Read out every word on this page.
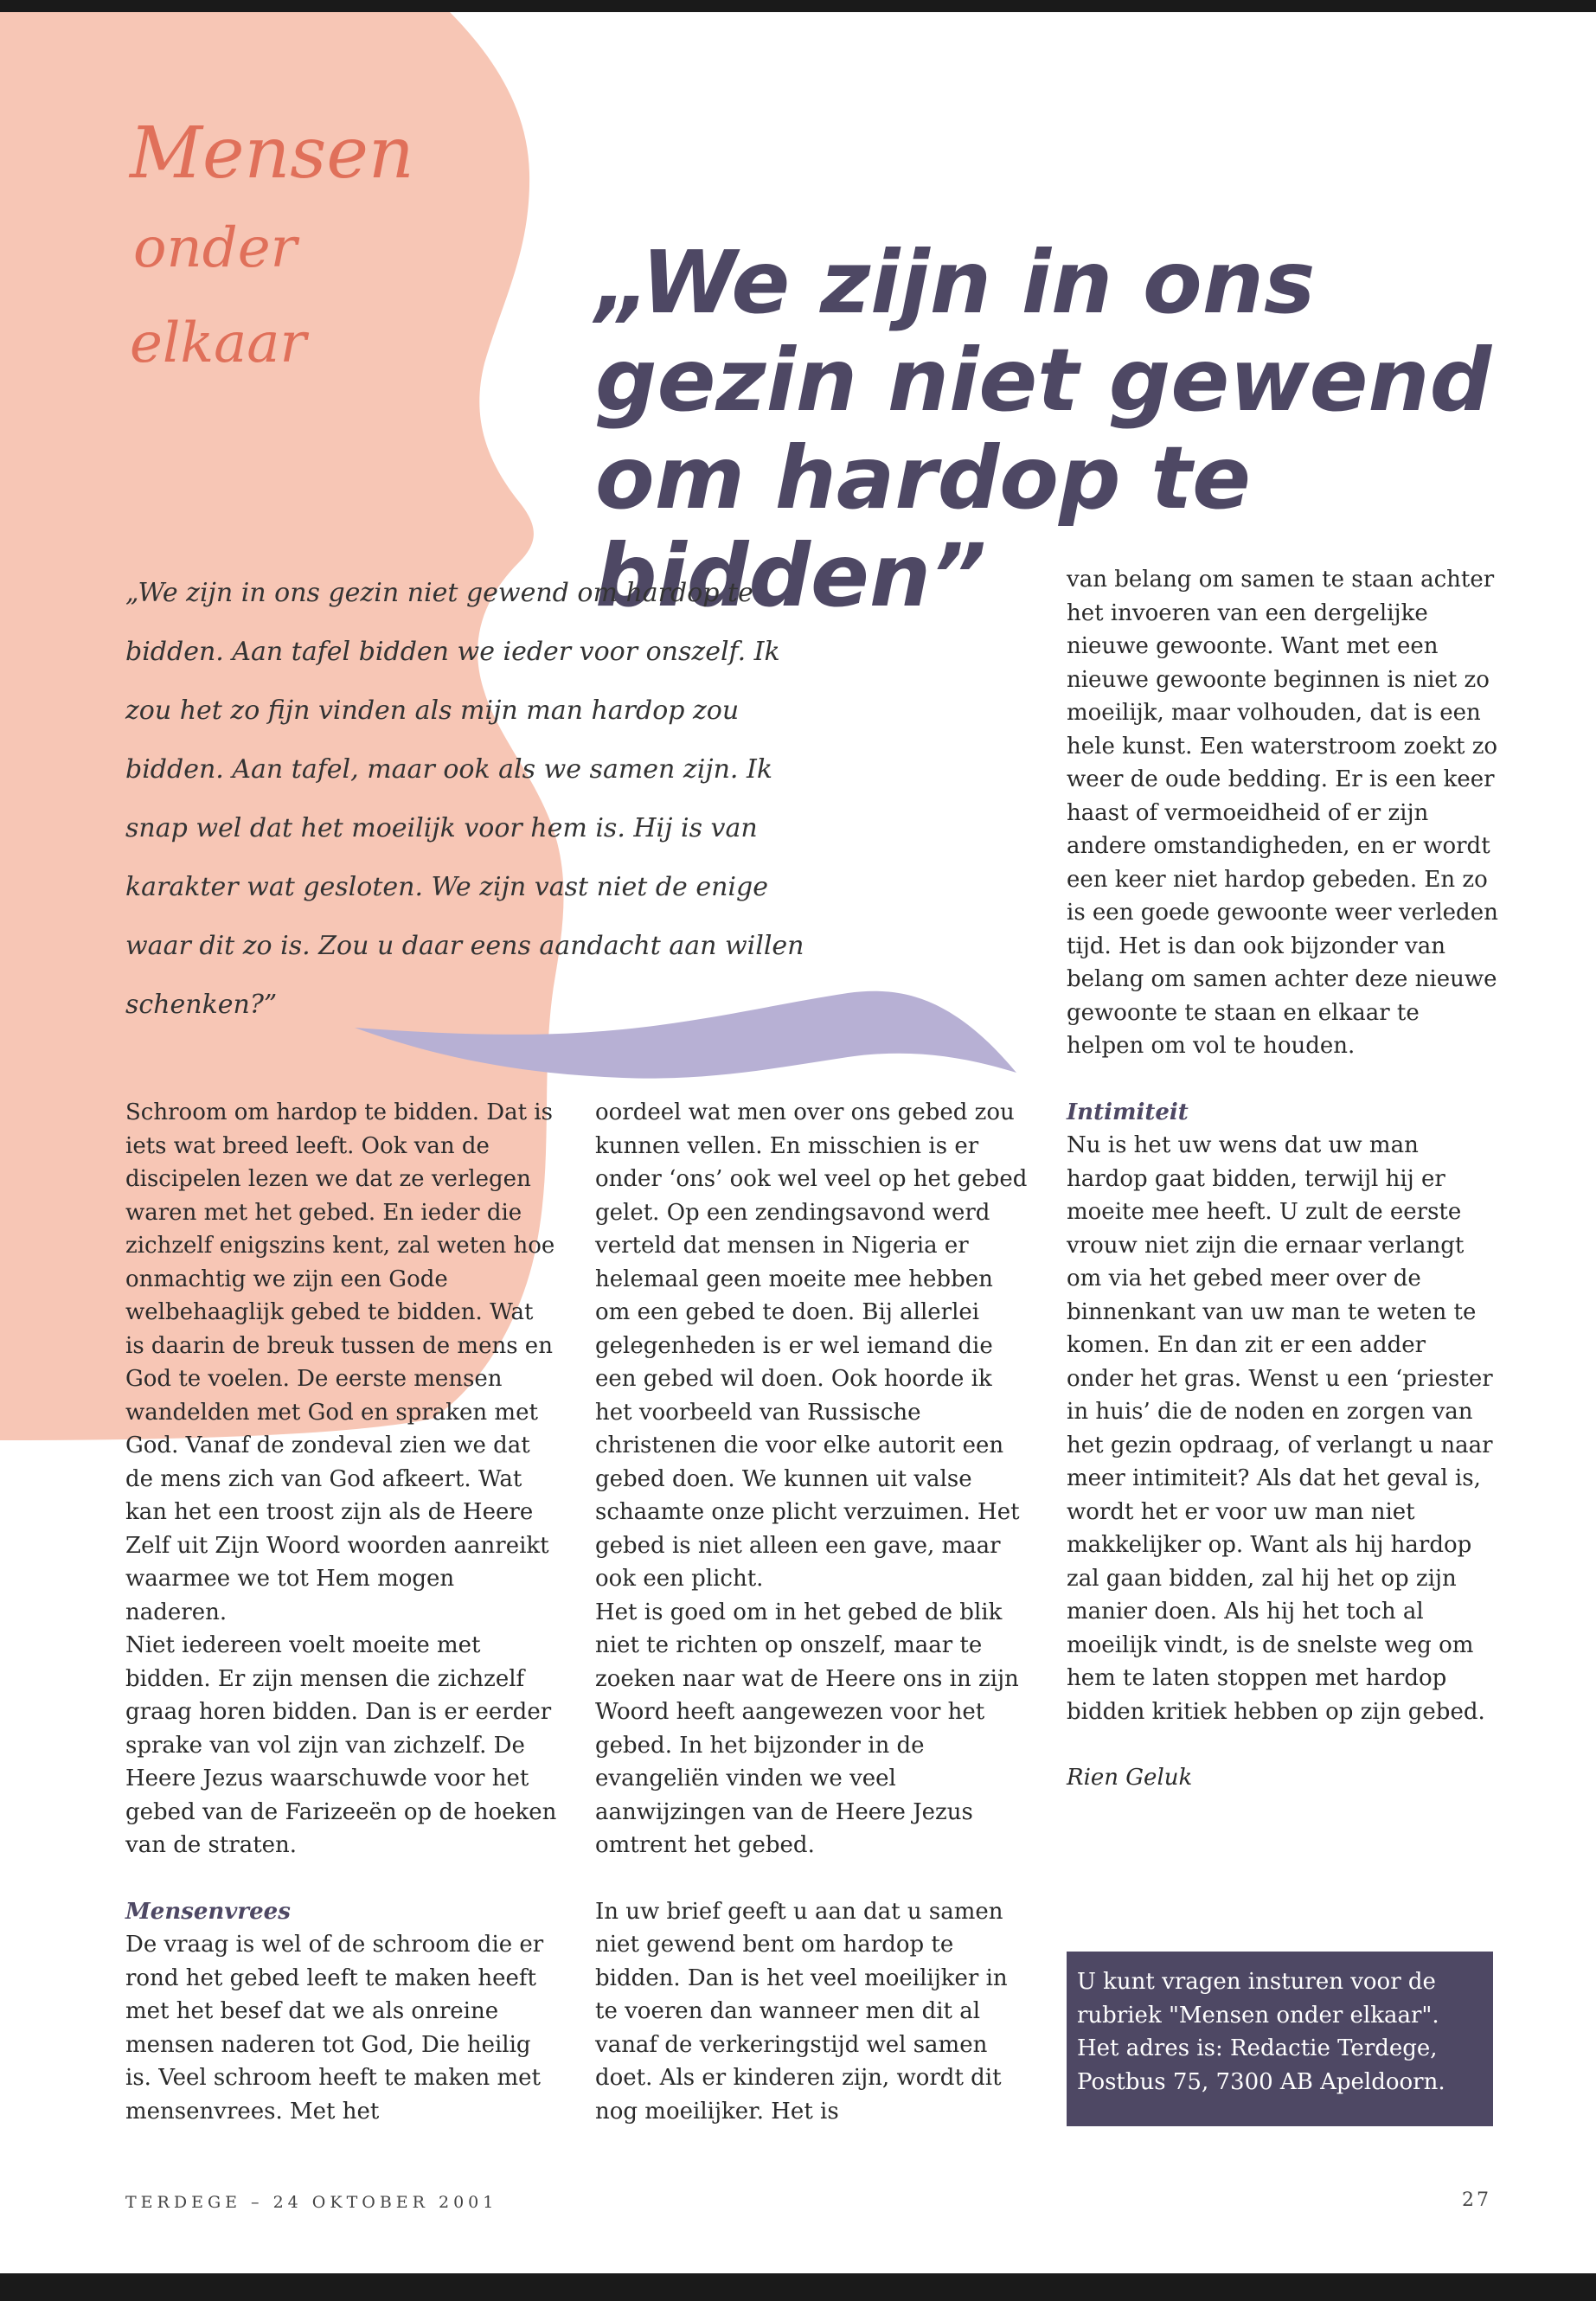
Mensen
onder
elkaar
„We zijn in ons gezin niet gewend om hardop te bidden”

„We zijn in ons gezin niet gewend om hardop te bidden. Aan tafel bidden we ieder voor onszelf. Ik zou het zo fijn vinden als mijn man hardop zou bidden. Aan tafel, maar ook als we samen zijn. Ik snap wel dat het moeilijk voor hem is. Hij is van karakter wat gesloten. We zijn vast niet de enige waar dit zo is. Zou u daar eens aandacht aan willen schenken?”

Schroom om hardop te bidden. Dat is iets wat breed leeft. Ook van de discipelen lezen we dat ze verlegen waren met het gebed. En ieder die zichzelf enigszins kent, zal weten hoe onmachtig we zijn een Gode welbehaaglijk gebed te bidden. Wat is daarin de breuk tussen de mens en God te voelen. De eerste mensen wandelden met God en spraken met God. Vanaf de zondeval zien we dat de mens zich van God afkeert. Wat kan het een troost zijn als de Heere Zelf uit Zijn Woord woorden aanreikt waarmee we tot Hem mogen naderen.

Niet iedereen voelt moeite met bidden. Er zijn mensen die zichzelf graag horen bidden. Dan is er eerder sprake van vol zijn van zichzelf. De Heere Jezus waarschuwde voor het gebed van de Farizeeën op de hoeken van de straten.

Mensenvrees

De vraag is wel of de schroom die er rond het gebed leeft te maken heeft met het besef dat we als onreine mensen naderen tot God, Die heilig is. Veel schroom heeft te maken met mensenvrees. Met het

oordeel wat men over ons gebed zou kunnen vellen. En misschien is er onder ‘ons’ ook wel veel op het gebed gelet. Op een zendingsavond werd verteld dat mensen in Nigeria er helemaal geen moeite mee hebben om een gebed te doen. Bij allerlei gelegenheden is er wel iemand die een gebed wil doen. Ook hoorde ik het voorbeeld van Russische christenen die voor elke autorit een gebed doen. We kunnen uit valse schaamte onze plicht verzuimen. Het gebed is niet alleen een gave, maar ook een plicht.

Het is goed om in het gebed de blik niet te richten op onszelf, maar te zoeken naar wat de Heere ons in zijn Woord heeft aangewezen voor het gebed. In het bijzonder in de evangeliën vinden we veel aanwijzingen van de Heere Jezus omtrent het gebed.

In uw brief geeft u aan dat u samen niet gewend bent om hardop te bidden. Dan is het veel moeilijker in te voeren dan wanneer men dit al vanaf de verkeringstijd wel samen doet. Als er kinderen zijn, wordt dit nog moeilijker. Het is

van belang om samen te staan achter het invoeren van een dergelijke nieuwe gewoonte. Want met een nieuwe gewoonte beginnen is niet zo moeilijk, maar volhouden, dat is een hele kunst. Een waterstroom zoekt zo weer de oude bedding. Er is een keer haast of vermoeidheid of er zijn andere omstandigheden, en er wordt een keer niet hardop gebeden. En zo is een goede gewoonte weer verleden tijd. Het is dan ook bijzonder van belang om samen achter deze nieuwe gewoonte te staan en elkaar te helpen om vol te houden.

Intimiteit

Nu is het uw wens dat uw man hardop gaat bidden, terwijl hij er moeite mee heeft. U zult de eerste vrouw niet zijn die ernaar verlangt om via het gebed meer over de binnenkant van uw man te weten te komen. En dan zit er een adder onder het gras. Wenst u een ‘priester in huis’ die de noden en zorgen van het gezin opdraag, of verlangt u naar meer intimiteit? Als dat het geval is, wordt het er voor uw man niet makkelijker op. Want als hij hardop zal gaan bidden, zal hij het op zijn manier doen. Als hij het toch al moeilijk vindt, is de snelste weg om hem te laten stoppen met hardop bidden kritiek hebben op zijn gebed.

Rien Geluk

U kunt vragen insturen voor de rubriek "Mensen onder elkaar". Het adres is: Redactie Terdege, Postbus 75, 7300 AB Apeldoorn.
TERDEGE – 24 OKTOBER 2001	27
